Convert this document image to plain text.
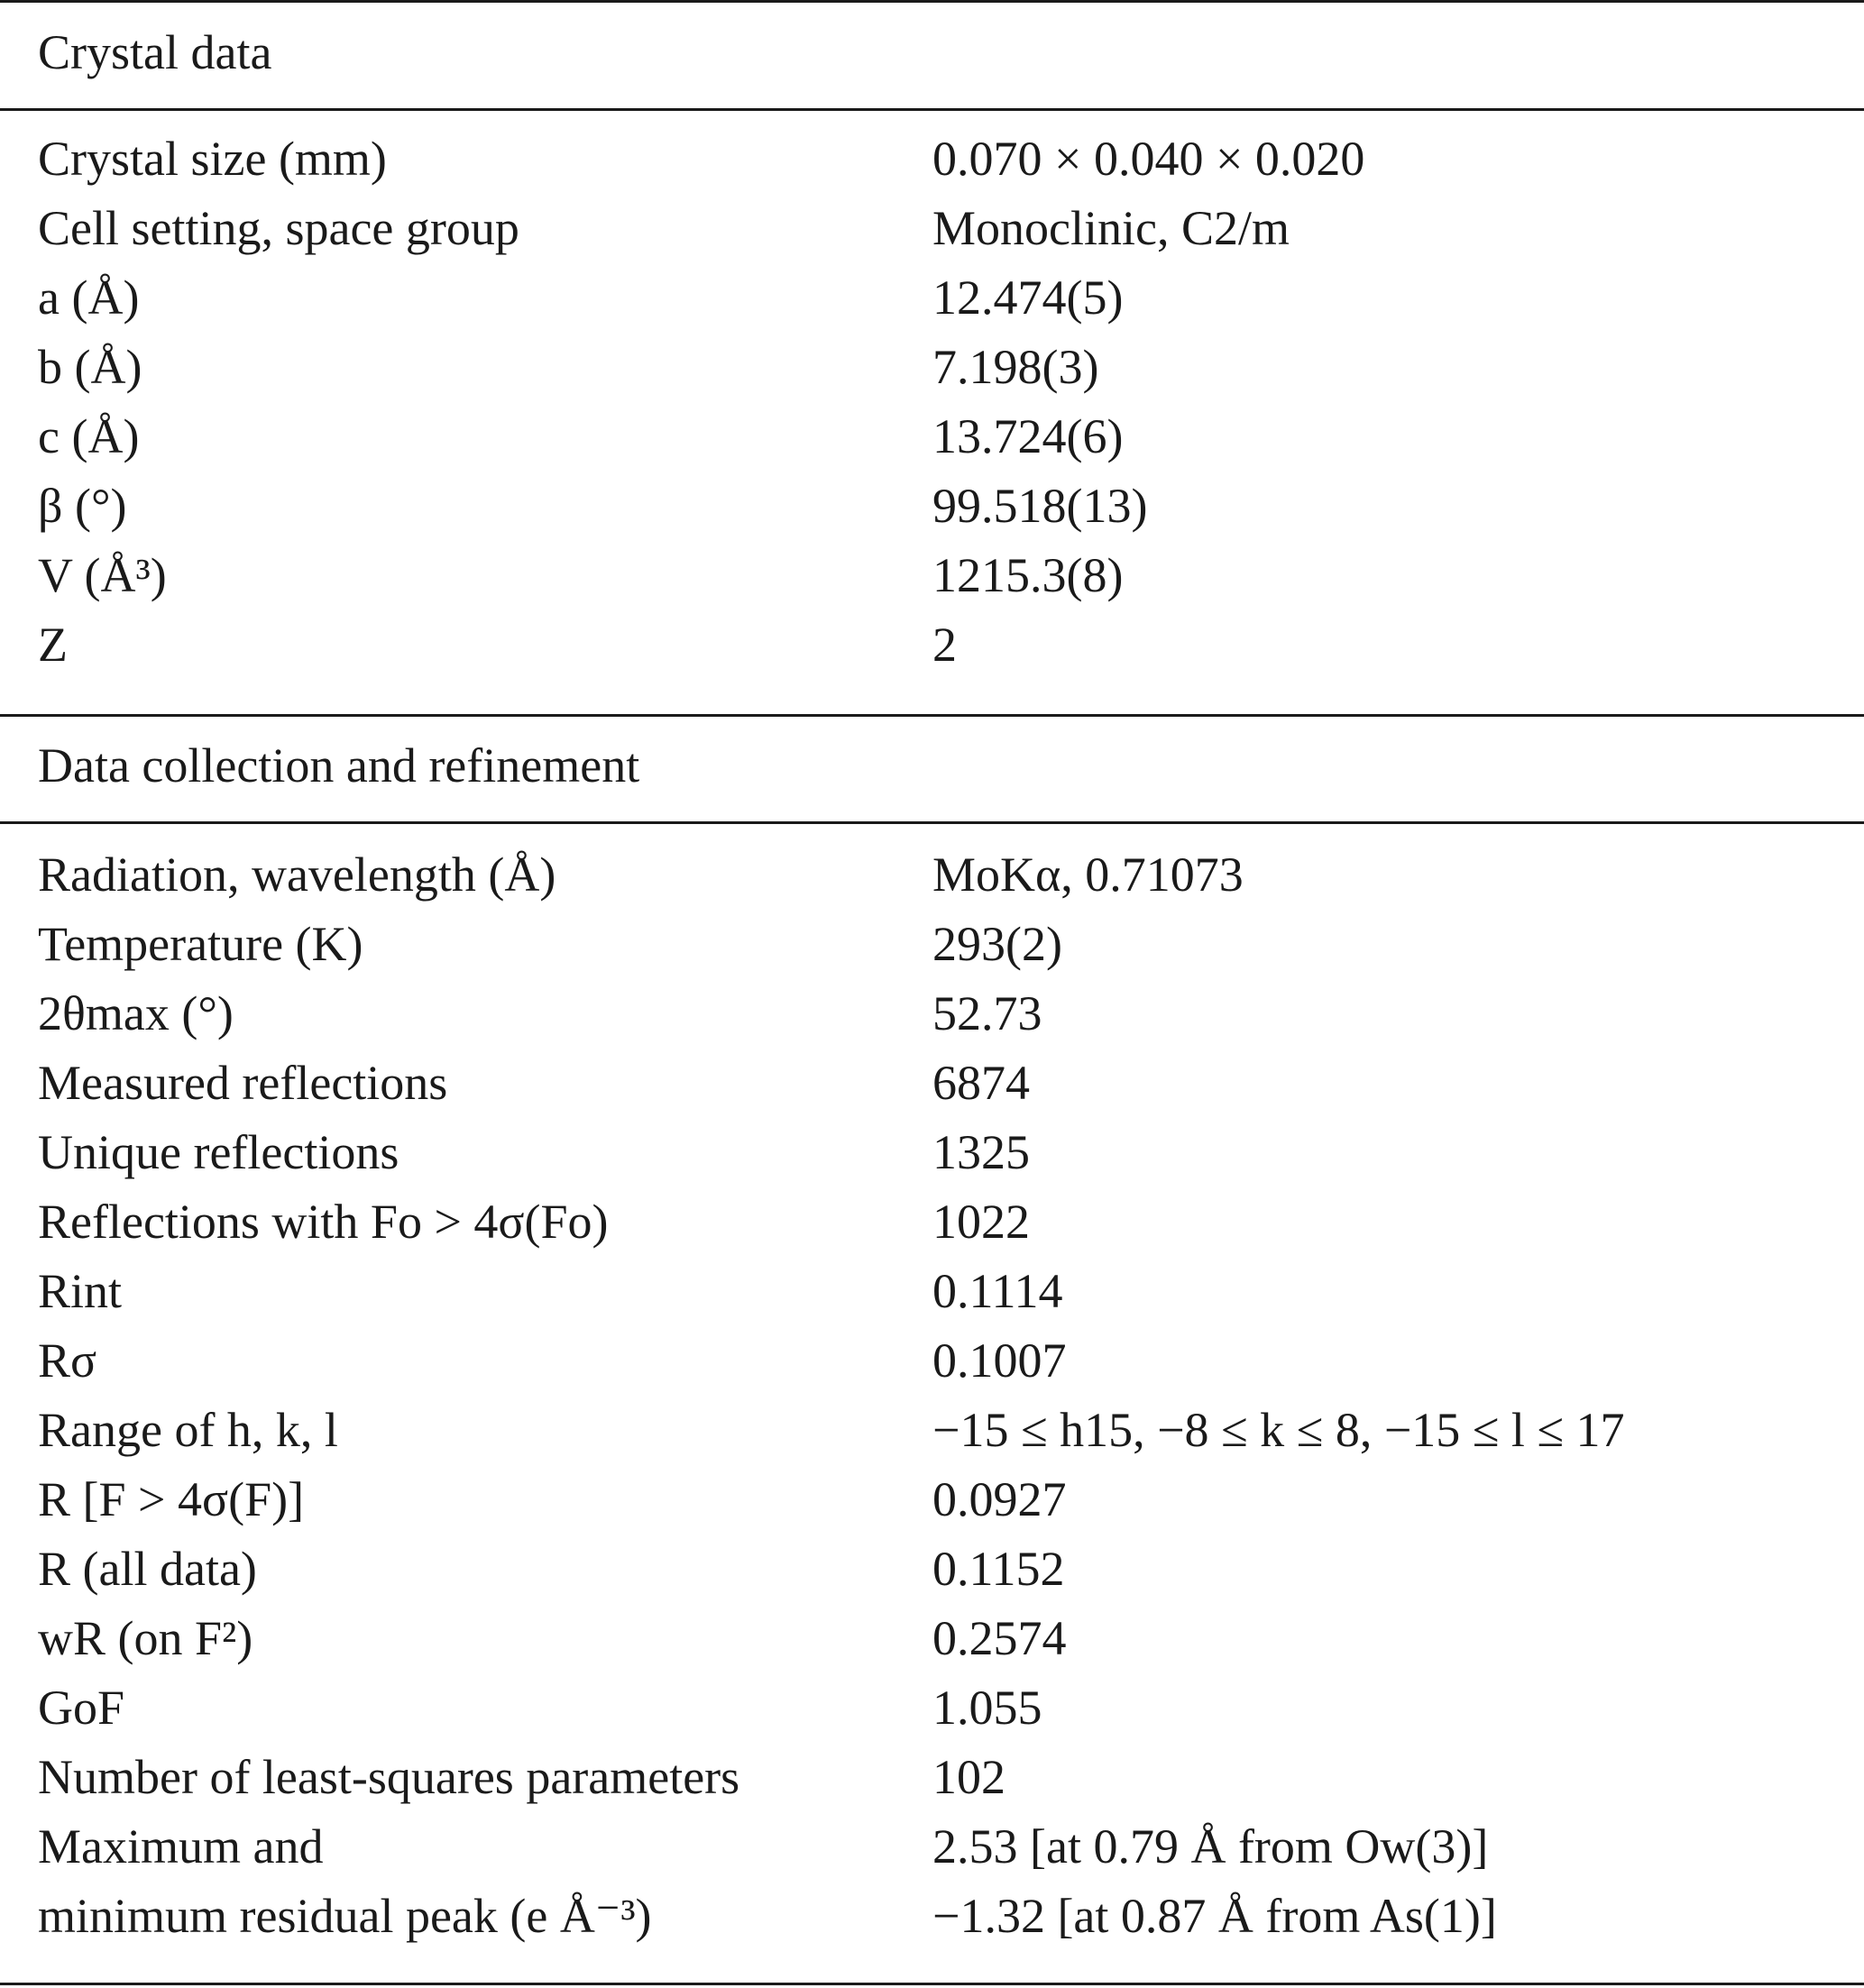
Crystal data
Crystal size (mm)	0.070 × 0.040 × 0.020
Cell setting, space group	Monoclinic, C2/m
a (Å)	12.474(5)
b (Å)	7.198(3)
c (Å)	13.724(6)
β (°)	99.518(13)
V (Å³)	1215.3(8)
Z	2
Data collection and refinement
Radiation, wavelength (Å)	MoKα, 0.71073
Temperature (K)	293(2)
2θmax (°)	52.73
Measured reflections	6874
Unique reflections	1325
Reflections with Fo > 4σ(Fo)	1022
Rint	0.1114
Rσ	0.1007
Range of h, k, l	−15 ≤ h15, −8 ≤ k ≤ 8, −15 ≤ l ≤ 17
R [F > 4σ(F)]	0.0927
R (all data)	0.1152
wR (on F²)	0.2574
GoF	1.055
Number of least-squares parameters	102
Maximum and	2.53 [at 0.79 Å from Ow(3)]
minimum residual peak (e Å⁻³)	−1.32 [at 0.87 Å from As(1)]
